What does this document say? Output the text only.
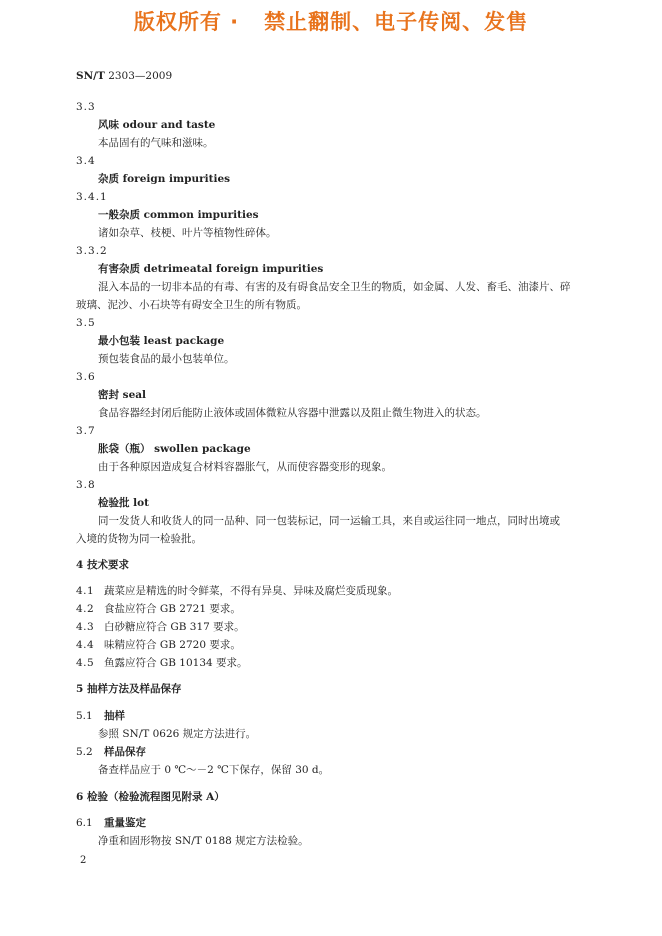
版权所有 ·   禁止翻制、电子传阅、发售
SN/T 2303—2009
3.3
风味 odour and taste
本品固有的气味和滋味。
3.4
杂质 foreign impurities
3.4.1
一般杂质 common impurities
诸如杂草、枝梗、叶片等植物性碎体。
3.3.2
有害杂质 detrimeatal foreign impurities
混入本品的一切非本品的有毒、有害的及有碍食品安全卫生的物质，如金属、人发、畜毛、油漆片、碎
玻璃、泥沙、小石块等有碍安全卫生的所有物质。
3.5
最小包装 least package
预包装食品的最小包装单位。
3.6
密封 seal
食品容器经封闭后能防止液体或固体微粒从容器中泄露以及阻止微生物进入的状态。
3.7
胀袋（瓶） swollen package
由于各种原因造成复合材料容器胀气，从而使容器变形的现象。
3.8
检验批 lot
同一发货人和收货人的同一品种、同一包装标记，同一运输工具，来自或运往同一地点，同时出境或
入境的货物为同一检验批。
4 技术要求
4.1 蔬菜应是精选的时令鲜菜，不得有异臭、异味及腐烂变质现象。
4.2 食盐应符合 GB 2721 要求。
4.3 白砂糖应符合 GB 317 要求。
4.4 味精应符合 GB 2720 要求。
4.5 鱼露应符合 GB 10134 要求。
5 抽样方法及样品保存
5.1 抽样
参照 SN/T 0626 规定方法进行。
5.2 样品保存
备查样品应于 0 ℃～－2 ℃下保存，保留 30 d。
6 检验（检验流程图见附录 A）
6.1 重量鉴定
净重和固形物按 SN/T 0188 规定方法检验。
2
